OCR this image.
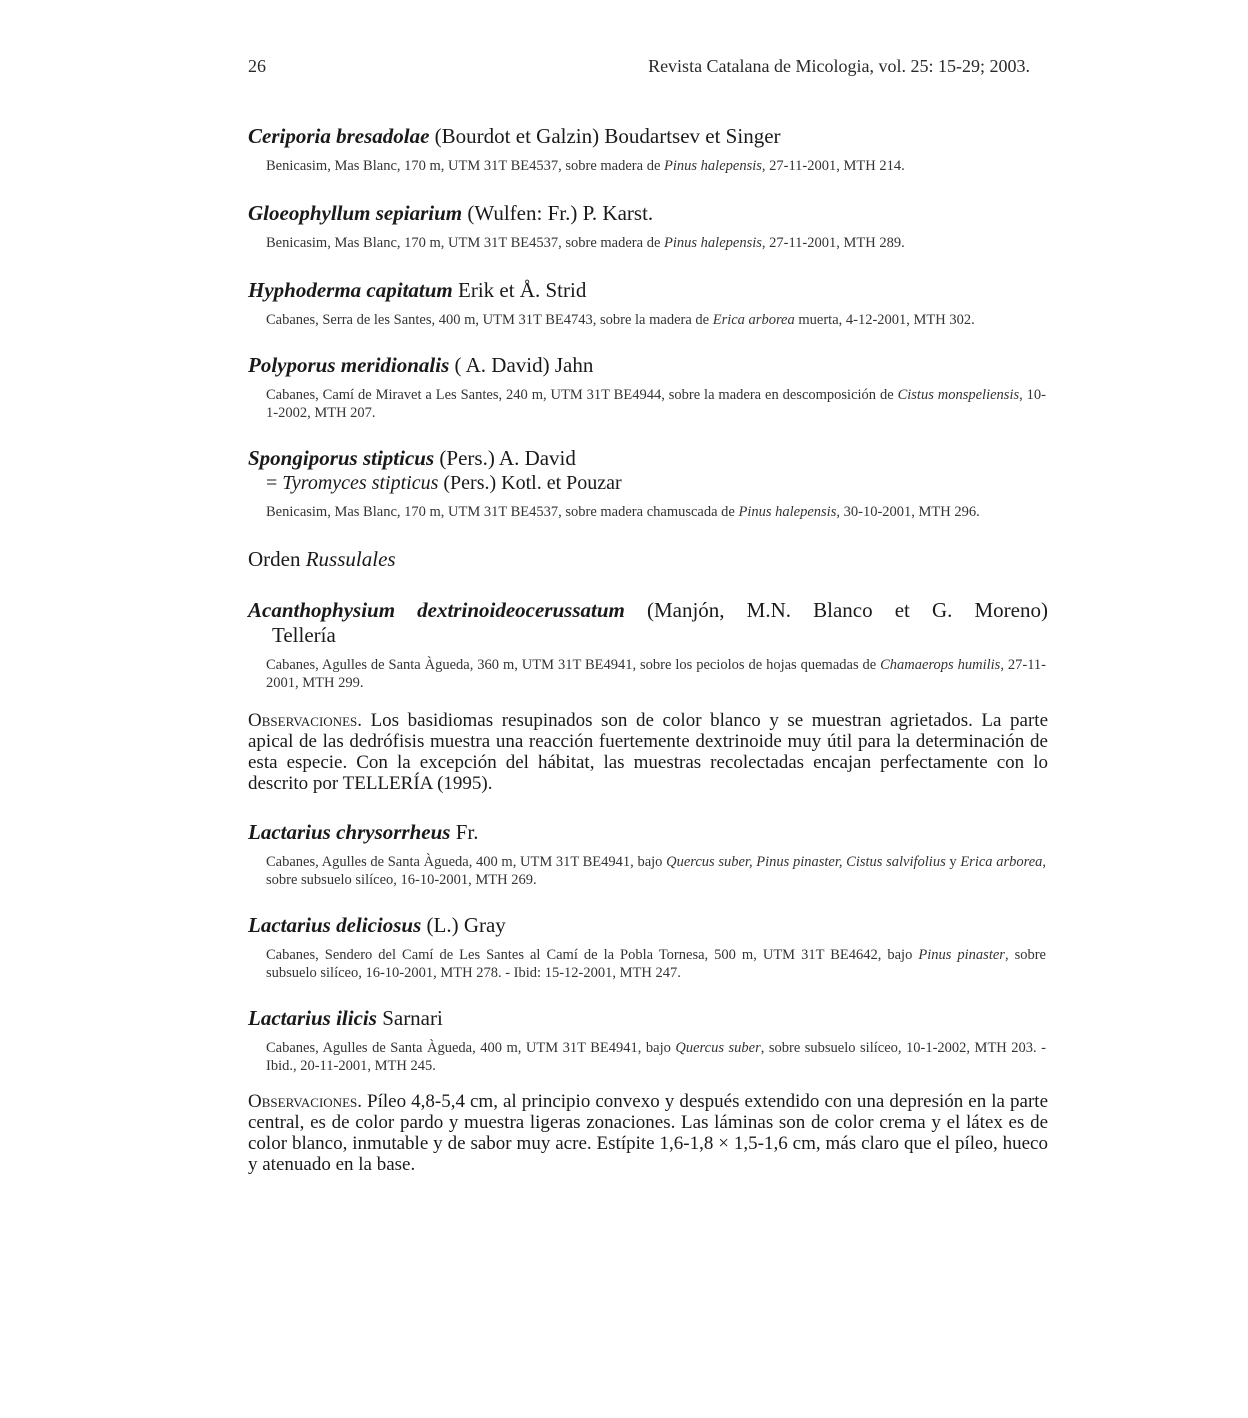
26	Revista Catalana de Micologia, vol. 25: 15-29; 2003.

Ceriporia bresadolae (Bourdot et Galzin) Boudartsev et Singer

Benicasim, Mas Blanc, 170 m, UTM 31T BE4537, sobre madera de Pinus halepensis, 27-11-2001, MTH 214.

Gloeophyllum sepiarium (Wulfen: Fr.) P. Karst.

Benicasim, Mas Blanc, 170 m, UTM 31T BE4537, sobre madera de Pinus halepensis, 27-11-2001, MTH 289.

Hyphoderma capitatum Erik et Å. Strid

Cabanes, Serra de les Santes, 400 m, UTM 31T BE4743, sobre la madera de Erica arborea muerta, 4-12-2001, MTH 302.

Polyporus meridionalis ( A. David) Jahn

Cabanes, Camí de Miravet a Les Santes, 240 m, UTM 31T BE4944, sobre la madera en descomposición de Cistus monspeliensis, 10-1-2002, MTH 207.

Spongiporus stipticus (Pers.) A. David

= Tyromyces stipticus (Pers.) Kotl. et Pouzar

Benicasim, Mas Blanc, 170 m, UTM 31T BE4537, sobre madera chamuscada de Pinus halepensis, 30-10-2001, MTH 296.

Orden Russulales

Acanthophysium dextrinoideocerussatum (Manjón, M.N. Blanco et G. Moreno)
Tellería

Cabanes, Agulles de Santa Àgueda, 360 m, UTM 31T BE4941, sobre los peciolos de hojas quemadas de Chamaerops humilis, 27-11-2001, MTH 299.

Observaciones. Los basidiomas resupinados son de color blanco y se muestran agrietados. La parte apical de las dedrófisis muestra una reacción fuertemente dextrinoide muy útil para la determinación de esta especie. Con la excepción del hábitat, las muestras recolectadas encajan perfectamente con lo descrito por TELLERÍA (1995).

Lactarius chrysorrheus Fr.

Cabanes, Agulles de Santa Àgueda, 400 m, UTM 31T BE4941, bajo Quercus suber, Pinus pinaster, Cistus salvifolius y Erica arborea, sobre subsuelo silíceo, 16-10-2001, MTH 269.

Lactarius deliciosus (L.) Gray

Cabanes, Sendero del Camí de Les Santes al Camí de la Pobla Tornesa, 500 m, UTM 31T BE4642, bajo Pinus pinaster, sobre subsuelo silíceo, 16-10-2001, MTH 278. - Ibid: 15-12-2001, MTH 247.

Lactarius ilicis Sarnari

Cabanes, Agulles de Santa Àgueda, 400 m, UTM 31T BE4941, bajo Quercus suber, sobre subsuelo silíceo, 10-1-2002, MTH 203. - Ibid., 20-11-2001, MTH 245.

Observaciones. Píleo 4,8-5,4 cm, al principio convexo y después extendido con una depresión en la parte central, es de color pardo y muestra ligeras zonaciones. Las láminas son de color crema y el látex es de color blanco, inmutable y de sabor muy acre. Estípite 1,6-1,8 × 1,5-1,6 cm, más claro que el píleo, hueco y atenuado en la base.
